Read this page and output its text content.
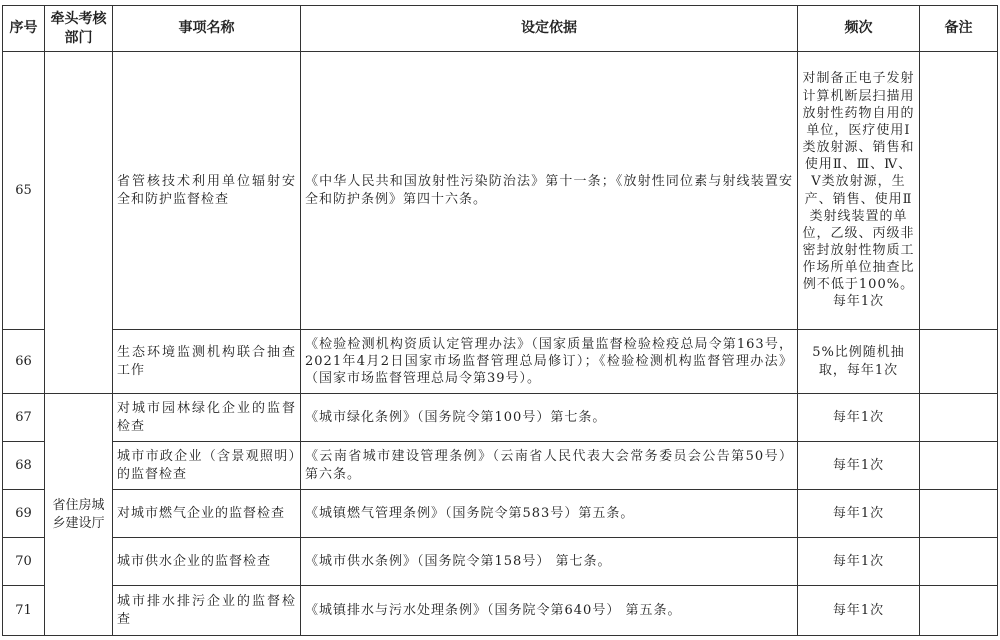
序号	牵头考核部门	事项名称	设定依据	频次	备注
65		省管核技术利用单位辐射安全和防护监督检查	《中华人民共和国放射性污染防治法》第十一条；《放射性同位素与射线装置安全和防护条例》第四十六条。	对制备正电子发射计算机断层扫描用放射性药物自用的单位，医疗使用Ⅰ类放射源、销售和使用Ⅱ、Ⅲ、Ⅳ、Ⅴ类放射源，生产、销售、使用Ⅱ类射线装置的单位，乙级、丙级非密封放射性物质工作场所单位抽查比例不低于100%。每年1次	
66		生态环境监测机构联合抽查工作	《检验检测机构资质认定管理办法》（国家质量监督检验检疫总局令第163号，2021年4月2日国家市场监督管理总局修订）；《检验检测机构监督管理办法》（国家市场监督管理总局令第39号）。	5%比例随机抽取，每年1次	
67	省住房城乡建设厅	对城市园林绿化企业的监督检查	《城市绿化条例》（国务院令第100号）第七条。	每年1次	
68		城市市政企业（含景观照明）的监督检查	《云南省城市建设管理条例》（云南省人民代表大会常务委员会公告第50号）第六条。	每年1次	
69		对城市燃气企业的监督检查	《城镇燃气管理条例》（国务院令第583号）第五条。	每年1次	
70		城市供水企业的监督检查	《城市供水条例》（国务院令第158号） 第七条。	每年1次	
71		城市排水排污企业的监督检查	《城镇排水与污水处理条例》（国务院令第640号） 第五条。	每年1次	
